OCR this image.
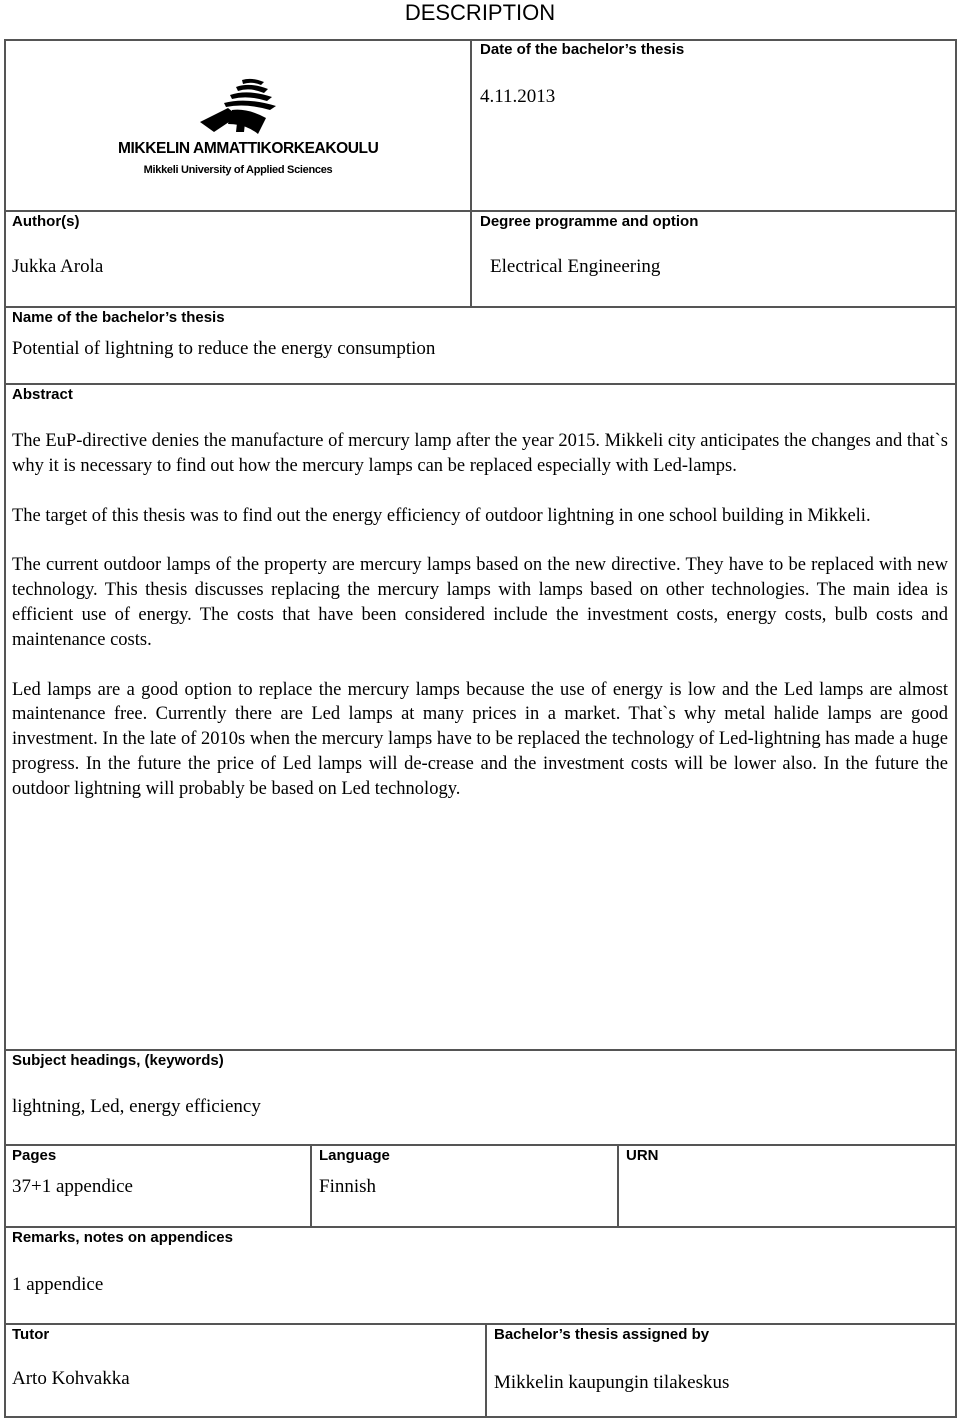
DESCRIPTION
MIKKELIN AMMATTIKORKEAKOULU
Mikkeli University of Applied Sciences
Date of the bachelor’s thesis
4.11.2013
Author(s)
Jukka Arola
Degree programme and option
Electrical Engineering
Name of the bachelor’s thesis
Potential of lightning to reduce the energy consumption
Abstract

The EuP-directive denies the manufacture of mercury lamp after the year 2015. Mikkeli city anticipates the changes and that`s why it is necessary to find out how the mercury lamps can be replaced especially with Led-lamps.

The target of this thesis was to find out the energy efficiency of outdoor lightning in one school building in Mikkeli.

The current outdoor lamps of the property are mercury lamps based on the new directive. They have to be replaced with new technology. This thesis discusses replacing the mercury lamps with lamps based on other technologies. The main idea is efficient use of energy. The costs that have been considered include the investment costs, energy costs, bulb costs and maintenance costs.

Led lamps are a good option to replace the mercury lamps because the use of energy is low and the Led lamps are almost maintenance free. Currently there are Led lamps at many prices in a market. That`s why metal halide lamps are good investment. In the late of 2010s when the mercury lamps have to be replaced the technology of Led-lightning has made a huge progress. In the future the price of Led lamps will de-crease and the investment costs will be lower also. In the future the outdoor lightning will probably be based on Led technology.

Subject headings, (keywords)
lightning, Led, energy efficiency
Pages
37+1 appendice
Language
Finnish
URN
Remarks, notes on appendices
1 appendice
Tutor
Arto Kohvakka
Bachelor’s thesis assigned by
Mikkelin kaupungin tilakeskus
